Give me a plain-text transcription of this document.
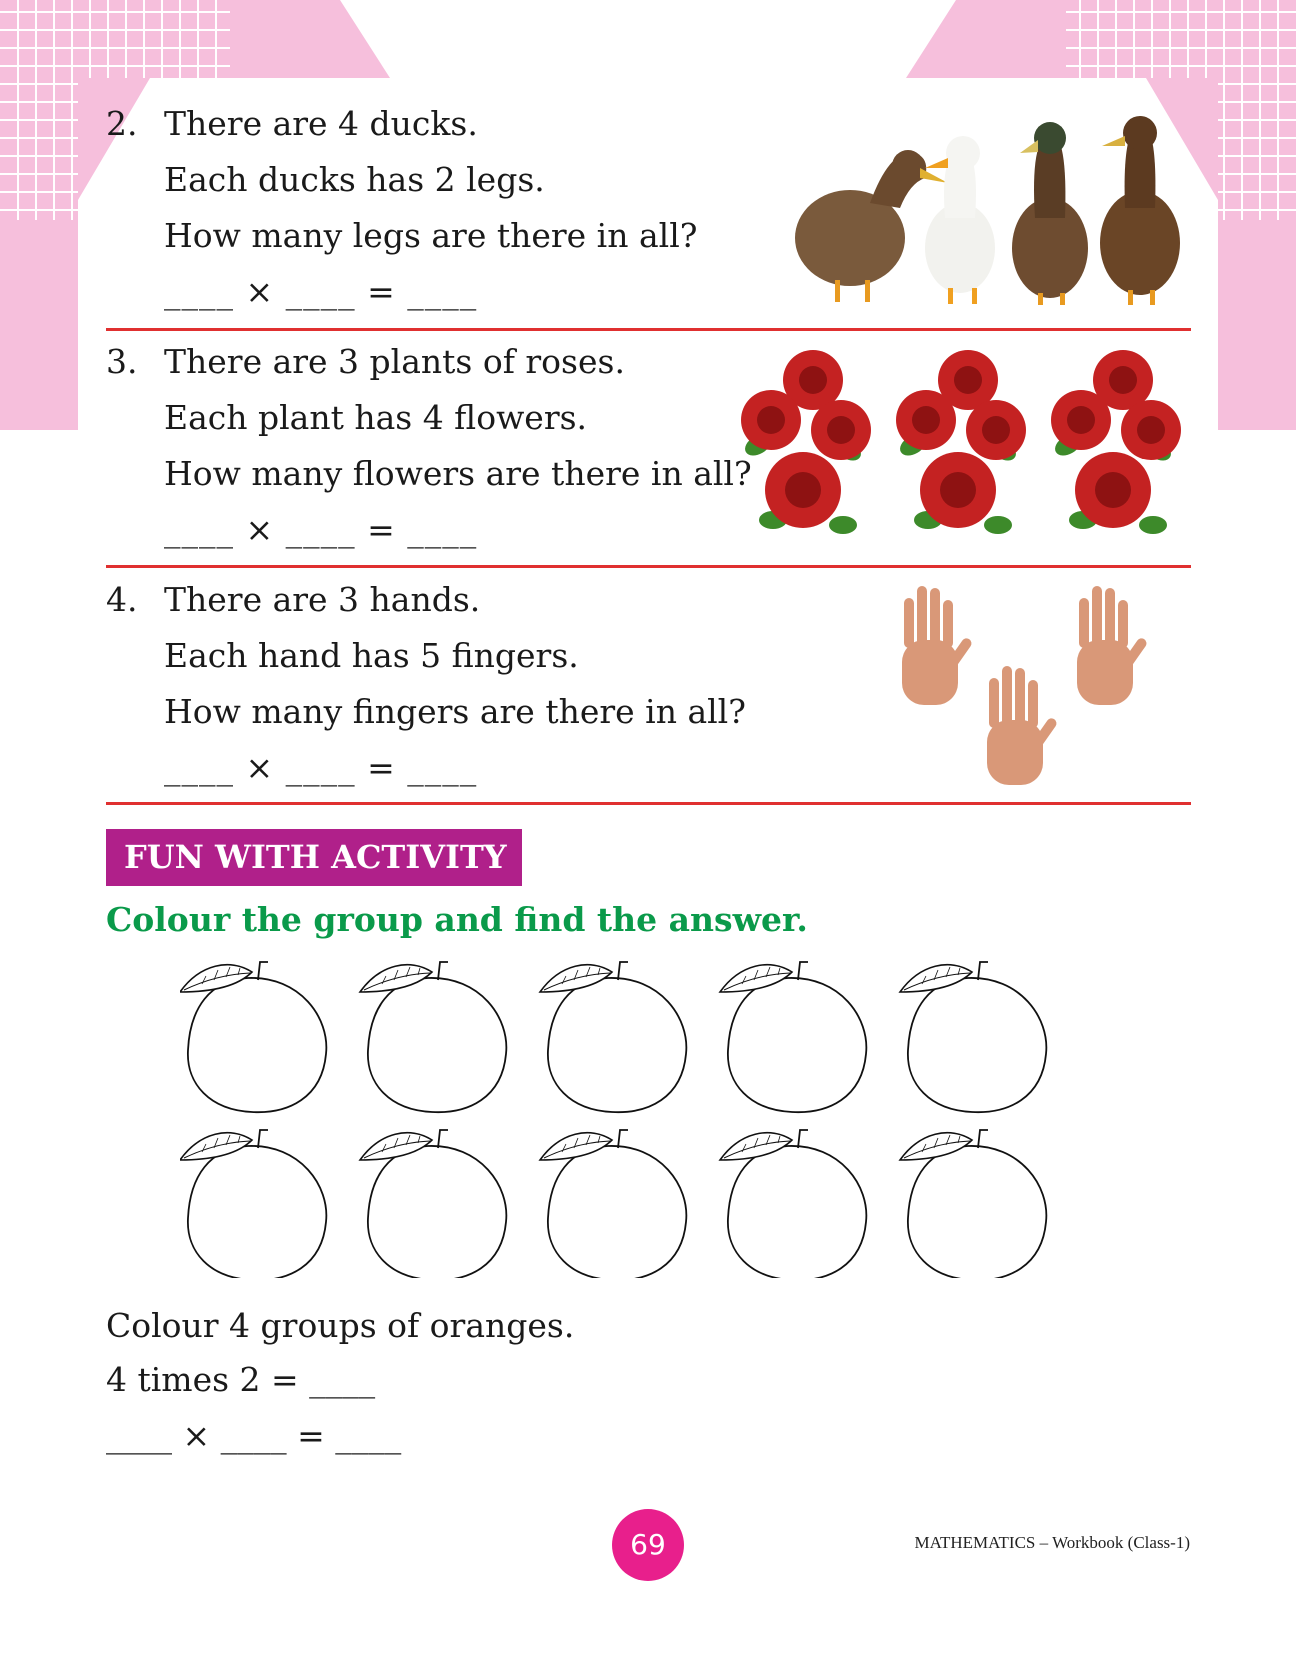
2. There are 4 ducks.
Each ducks has 2 legs.
How many legs are there in all?
____ × ____ = ____
3. There are 3 plants of roses.
Each plant has 4 flowers.
How many flowers are there in all?
____ × ____ = ____
4. There are 3 hands.
Each hand has 5 fingers.
How many fingers are there in all?
____ × ____ = ____
FUN WITH ACTIVITY
Colour the group and find the answer.
Colour 4 groups of oranges.
4 times 2 = ____
____ × ____ = ____
69	MATHEMATICS – Workbook (Class-1)
